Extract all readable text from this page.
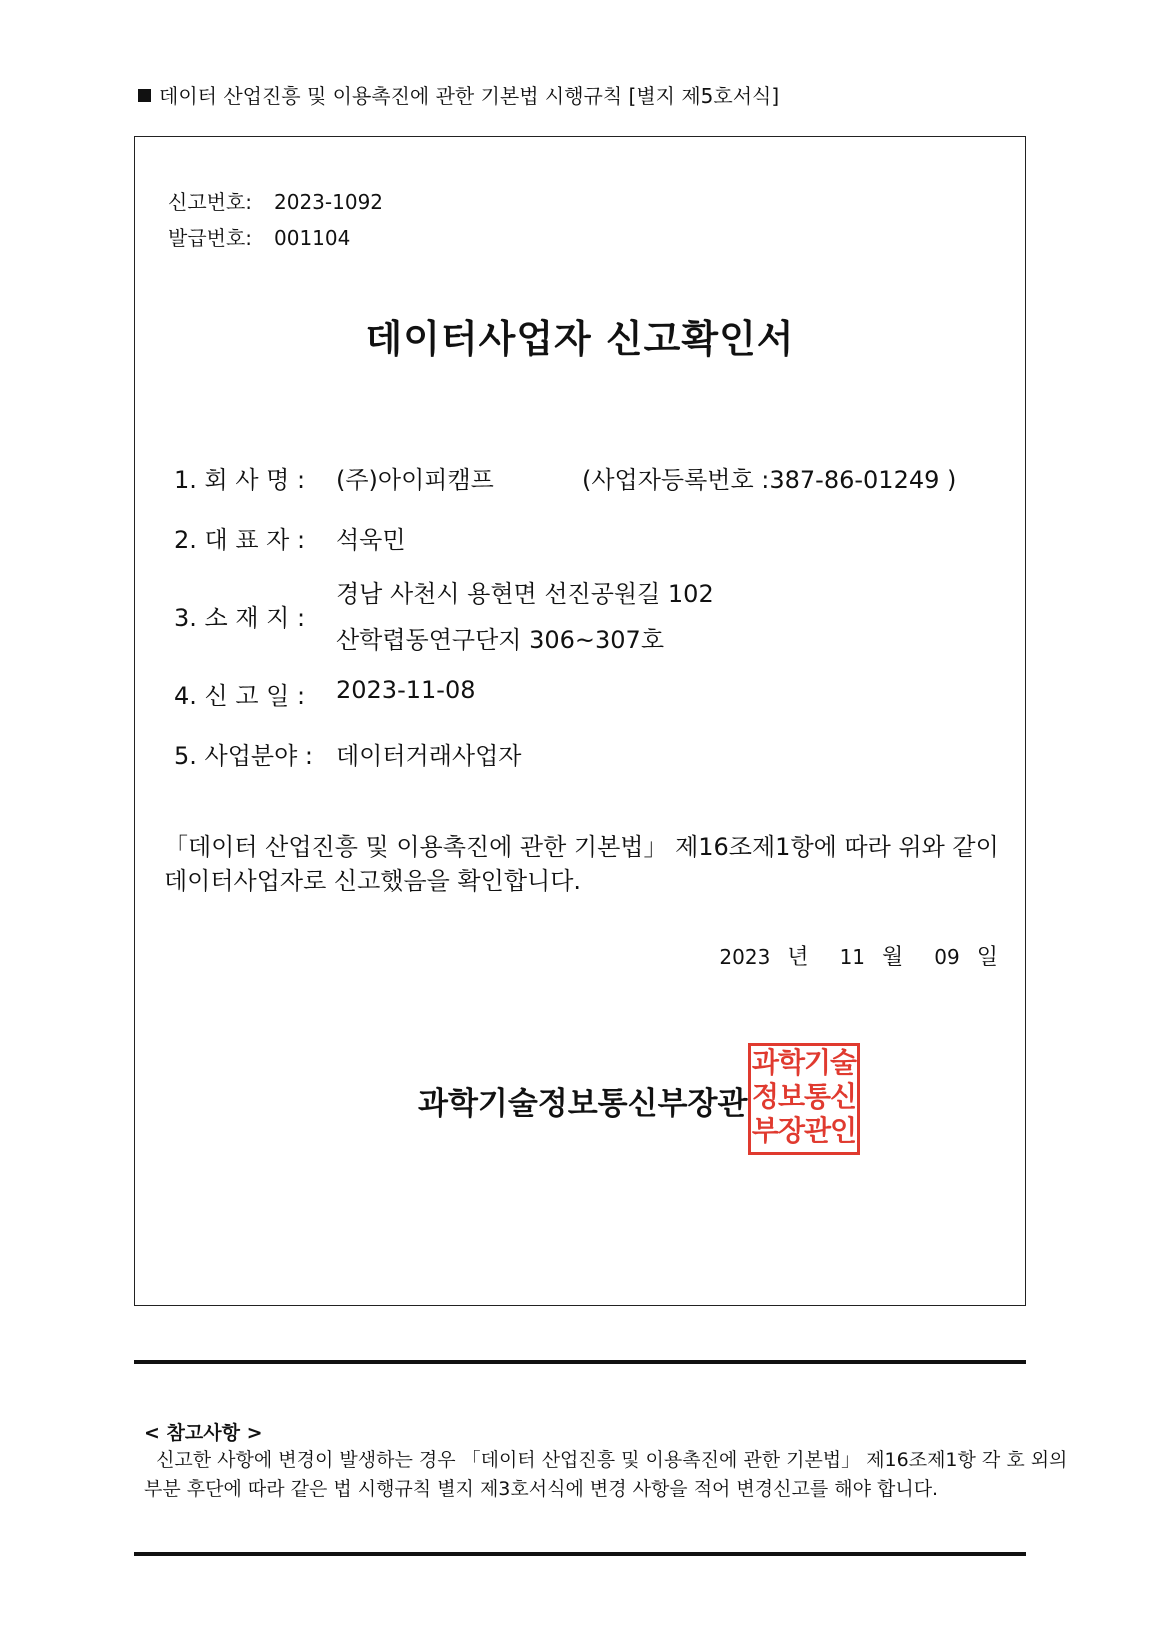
데이터 산업진흥 및 이용촉진에 관한 기본법 시행규칙 [별지 제5호서식]
신고번호: 2023-1092
발급번호: 001104
데이터사업자 신고확인서
1. 회 사 명 : (주)아이피캠프	(사업자등록번호 :387-86-01249 )
2. 대 표 자 : 석욱민
3. 소 재 지 :
경남 사천시 용현면 선진공원길 102
산학렵동연구단지 306~307호
4. 신 고 일 : 2023-11-08
5. 사업분야 : 데이터거래사업자
「데이터 산업진흥 및 이용촉진에 관한 기본법」 제16조제1항에 따라 위와 같이
데이터사업자로 신고했음을 확인합니다.
2023 년 11 월 09 일
과학기술정보통신부장관
과학기술
정보통신
부장관인
< 참고사항 >
신고한 사항에 변경이 발생하는 경우 「데이터 산업진흥 및 이용촉진에 관한 기본법」 제16조제1항 각 호 외의
부분 후단에 따라 같은 법 시행규칙 별지 제3호서식에 변경 사항을 적어 변경신고를 해야 합니다.
